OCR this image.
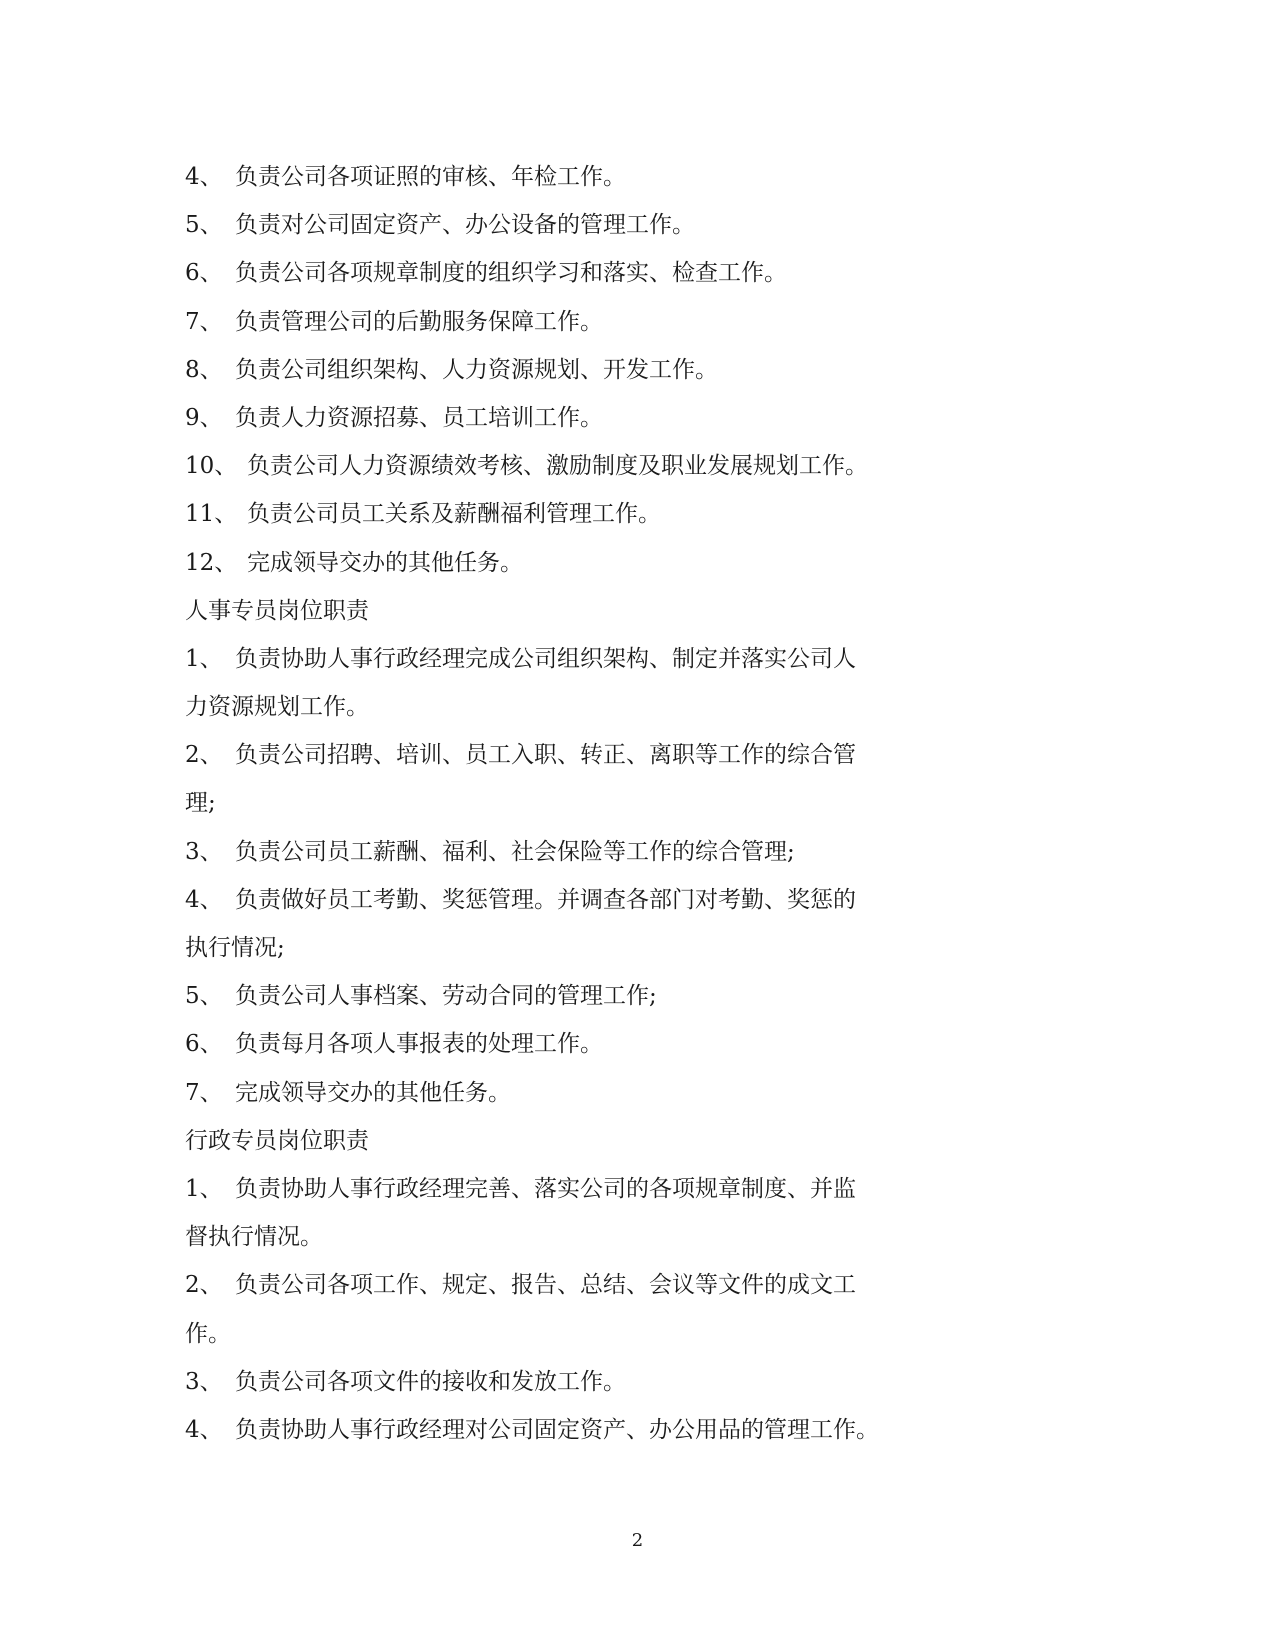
4、 负责公司各项证照的审核、年检工作。
5、 负责对公司固定资产、办公设备的管理工作。
6、 负责公司各项规章制度的组织学习和落实、检查工作。
7、 负责管理公司的后勤服务保障工作。
8、 负责公司组织架构、人力资源规划、开发工作。
9、 负责人力资源招募、员工培训工作。
10、 负责公司人力资源绩效考核、激励制度及职业发展规划工作。
11、 负责公司员工关系及薪酬福利管理工作。
12、 完成领导交办的其他任务。
人事专员岗位职责
1、 负责协助人事行政经理完成公司组织架构、制定并落实公司人
力资源规划工作。
2、 负责公司招聘、培训、员工入职、转正、离职等工作的综合管
理;
3、 负责公司员工薪酬、福利、社会保险等工作的综合管理;
4、 负责做好员工考勤、奖惩管理。并调查各部门对考勤、奖惩的
执行情况;
5、 负责公司人事档案、劳动合同的管理工作;
6、 负责每月各项人事报表的处理工作。
7、 完成领导交办的其他任务。
行政专员岗位职责
1、 负责协助人事行政经理完善、落实公司的各项规章制度、并监
督执行情况。
2、 负责公司各项工作、规定、报告、总结、会议等文件的成文工
作。
3、 负责公司各项文件的接收和发放工作。
4、 负责协助人事行政经理对公司固定资产、办公用品的管理工作。
2
